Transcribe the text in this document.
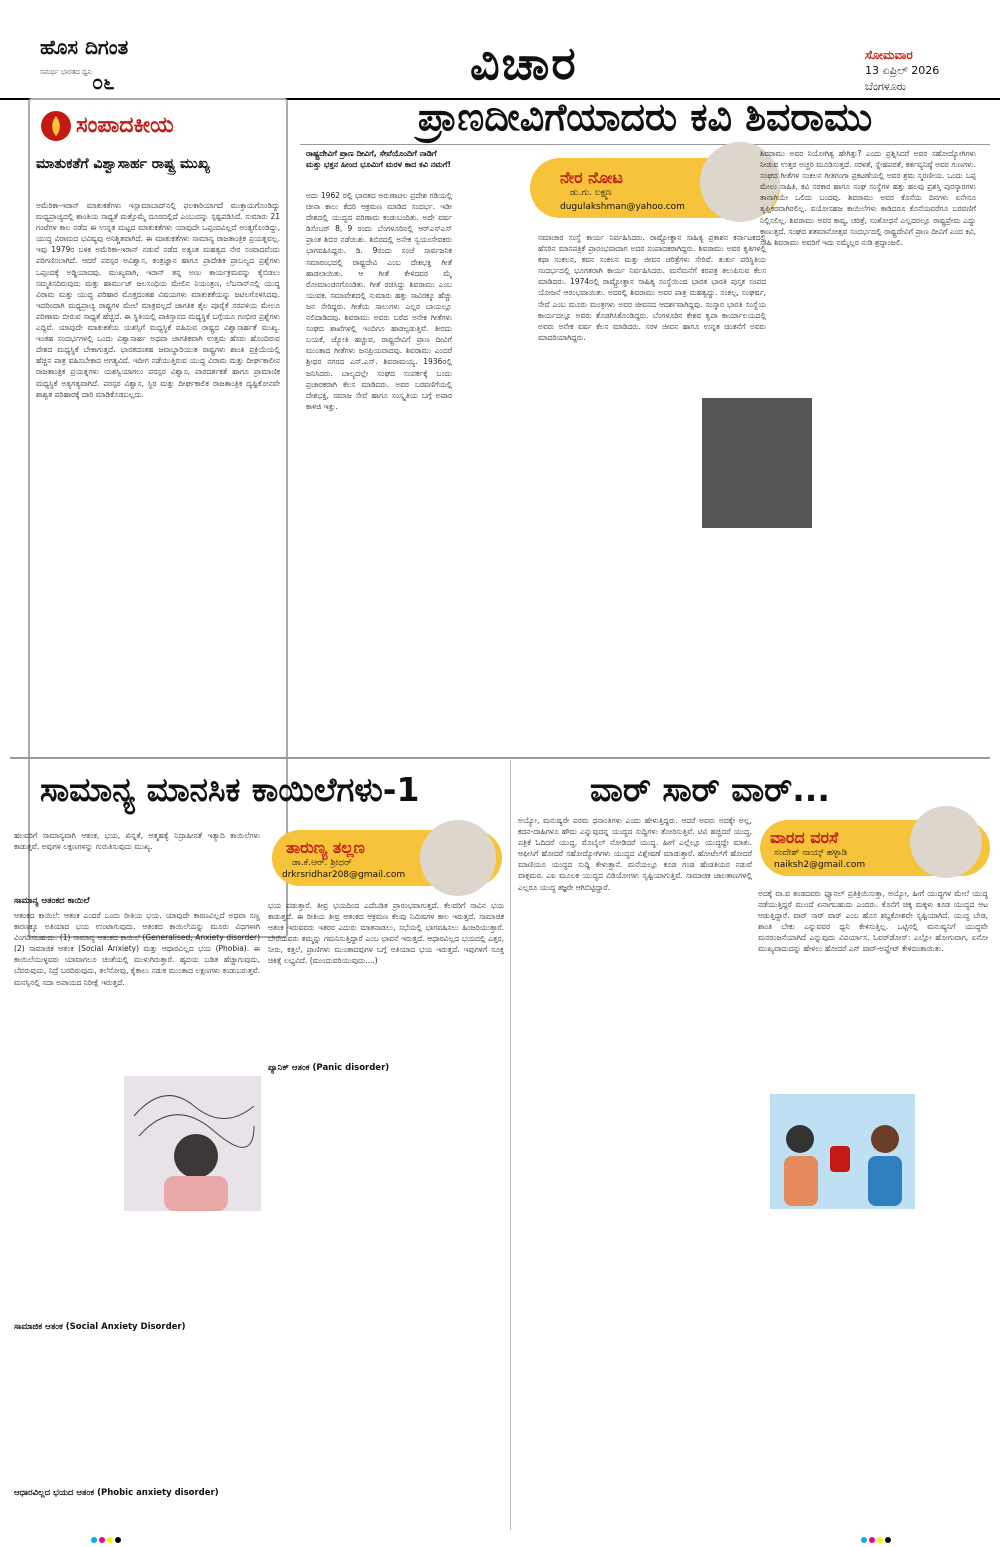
ಹೊಸ ದಿಗಂತ
ಸಮರ್ಥ ಭಾರತದ ಧ್ವನಿ ೦೬	ವಿಚಾರ	ಸೋಮವಾರ
13 ಏಪ್ರಿಲ್ 2026
ಬೆಂಗಳೂರು
ಸಂಪಾದಕೀಯ
ಮಾತುಕತೆಗೆ ವಿಶ್ವಾಸಾರ್ಹ ರಾಷ್ಟ್ರ ಮುಖ್ಯ
ಅಮೆರಿಕಾ-ಇರಾನ್ ಮಾತುಕತೆಗಳು ಇಸ್ಲಾಮಾಬಾದ್‌ನಲ್ಲಿ ಫಲಕಾರಿಯಾಗದೆ ಮುಕ್ತಾಯಗೊಂಡಿದ್ದು ಮಧ್ಯಪ್ರಾಚ್ಯದಲ್ಲಿ ಶಾಂತಿಯ ಸಾಧ್ಯತೆ ಮತ್ತೊಮ್ಮೆ ದೂರದಲ್ಲಿದೆ ಎಂಬುದನ್ನು ಸ್ಪಷ್ಟಪಡಿಸಿದೆ. ಸುಮಾರು 21 ಗಂಟೆಗಳ ಕಾಲ ನಡೆದ ಈ ಉನ್ನತ ಮಟ್ಟದ ಮಾತುಕತೆಗಳು ಯಾವುದೇ ಒಪ್ಪಂದವಿಲ್ಲದೆ ಅಂತ್ಯಗೊಂಡಿದ್ದು, ಯುದ್ಧ ವಿರಾಮದ ಭವಿಷ್ಯವು ಅನಿಶ್ಚಿತವಾಗಿದೆ. ಈ ಮಾತುಕತೆಗಳು ಸಾಮಾನ್ಯ ರಾಜತಾಂತ್ರಿಕ ಪ್ರಯತ್ನವಲ್ಲ. ಇವು 1979ರ ಬಳಿಕ ಅಮೆರಿಕಾ-ಇರಾನ್ ನಡುವೆ ನಡೆದ ಅತ್ಯಂತ ಮಹತ್ವದ ನೇರ ಸಂವಾದವೆಂದು ಪರಿಗಣಿಸಲಾಗಿದೆ. ಆದರೆ ಪರಸ್ಪರ ಅವಿಶ್ವಾಸ, ತಂತ್ರಜ್ಞಾನ ಹಾಗೂ ಪ್ರಾದೇಶಿಕ ಪ್ರಾಬಲ್ಯದ ಪ್ರಶ್ನೆಗಳು ಒಪ್ಪಂದಕ್ಕೆ ಅಡ್ಡಿಯಾದವು. ಮುಖ್ಯವಾಗಿ, ಇರಾನ್ ತನ್ನ ಅಣು ಕಾರ್ಯಕ್ರಮವನ್ನು ಕೈಬಿಡಲು ಸಮ್ಮತಿಸದಿರುವುದು ಮತ್ತು ಹಾರ್ಮುಜ್ ಜಲಸಂಧಿಯ ಮೇಲಿನ ನಿಯಂತ್ರಣ, ಲೆಬನಾನ್‌ನಲ್ಲಿ ಯುದ್ಧ ವಿರಾಮ ಮತ್ತು ಯುದ್ಧ ಪರಿಹಾರ ಮೊತ್ತದಂತಹ ವಿಷಯಗಳು ಮಾತುಕತೆಯನ್ನು ಜಟಿಲಗೊಳಿಸಿದವು. ಇದರಿಂದಾಗಿ ಮಧ್ಯಪ್ರಾಚ್ಯ ರಾಷ್ಟ್ರಗಳ ಮೇಲೆ ಮಾತ್ರವಲ್ಲದೆ ಜಾಗತಿಕ ತೈಲ ಪೂರೈಕೆ ಸರಪಳಿಯ ಮೇಲೂ ಪರಿಣಾಮ ಬೀರುವ ಸಾಧ್ಯತೆ ಹೆಚ್ಚಿದೆ. ಈ ಸ್ಥಿತಿಯಲ್ಲಿ ಪಾಕಿಸ್ತಾನದ ಮಧ್ಯಸ್ಥಿಕೆ ಬಗ್ಗೆಯೂ ಗಂಭೀರ ಪ್ರಶ್ನೆಗಳು ಎದ್ದಿವೆ. ಯಾವುದೇ ಮಾತುಕತೆಯ ಯಶಸ್ಸಿಗೆ ಮಧ್ಯಸ್ಥಿಕೆ ವಹಿಸುವ ರಾಷ್ಟ್ರದ ವಿಶ್ವಾಸಾರ್ಹತೆ ಮುಖ್ಯ. ಇಂತಹ ಸಂದರ್ಭಗಳಲ್ಲಿ ಒಂದು ವಿಶ್ವಾಸಾರ್ಹ ಅಥವಾ ಜಾಗತಿಕವಾಗಿ ಉತ್ತಮ ಹೆಸರು ಹೊಂದಿರುವ ದೇಶದ ಮಧ್ಯಸ್ಥಿಕೆ ಬೇಕಾಗುತ್ತದೆ. ಭಾರತದಂತಹ ಜವಾಬ್ದಾರಿಯುತ ರಾಷ್ಟ್ರಗಳು ಶಾಂತಿ ಪ್ರಕ್ರಿಯೆಯಲ್ಲಿ ಹೆಚ್ಚಿನ ಪಾತ್ರ ವಹಿಸಬೇಕಾದ ಅಗತ್ಯವಿದೆ. ಇದೀಗ ನಡೆಯುತ್ತಿರುವ ಯುದ್ಧ ವಿರಾಮ ಮತ್ತು ದೀರ್ಘಕಾಲೀನ ರಾಜತಾಂತ್ರಿಕ ಪ್ರಯತ್ನಗಳು ಯಶಸ್ವಿಯಾಗಲು ಪರಸ್ಪರ ವಿಶ್ವಾಸ, ಪಾರದರ್ಶಕತೆ ಹಾಗೂ ಪ್ರಾಮಾಣಿಕ ಮಧ್ಯಸ್ಥಿಕೆ ಅತ್ಯಗತ್ಯವಾಗಿದೆ. ಪರಸ್ಪರ ವಿಶ್ವಾಸ, ಸ್ಥಿರ ಮತ್ತು ದೀರ್ಘಕಾಲಿಕ ರಾಜತಾಂತ್ರಿಕ ದೃಷ್ಟಿಕೋನವೇ ಶಾಶ್ವತ ಪರಿಹಾರಕ್ಕೆ ದಾರಿ ಮಾಡಿಕೊಡಬಲ್ಲದು.
ಪ್ರಾಣದೀವಿಗೆಯಾದರು ಕವಿ ಶಿವರಾಮು
ರಾಷ್ಟ್ರದೇವಿಗೆ ಪ್ರಾಣ ದೀವಿಗೆ, ಸೇವೆಯೊಂದಿಗೆ ನಾಡಿಗೆ ಮತ್ತು ಭಕ್ತನ ಹೀಂದ ಭೂಮಿಗೆ ಮರಳ ಕಾದ ಕವಿ ನಮಗೆ!
ಅದು 1962 ರಲ್ಲಿ ಭಾರತದ ಅರುಣಾಚಲ ಪ್ರದೇಶ ಗಡಿಯಲ್ಲಿ ಚೀನಾ ಕಾಲು ಕೆದರಿ ಆಕ್ರಮಣ ಮಾಡಿದ ಸಂದರ್ಭ. ಇಡೀ ದೇಶದಲ್ಲಿ ಯುದ್ಧದ ಪರಿಣಾಮ ಕಂಡುಬಂದಿತು. ಅದೇ ವರ್ಷ ಡಿಸೆಂಬರ್ 8, 9 ರಂದು ಬೆಂಗಳೂರಿನಲ್ಲಿ ಆರ್‌ಎಸ್‌ಎಸ್ ಪ್ರಾಂತ ಶಿಬಿರ ನಡೆಯಿತು. ಶಿಬಿರದಲ್ಲಿ ಅನೇಕ ಸ್ವಯಂಸೇವಕರು ಭಾಗವಹಿಸಿದ್ದರು. ಡಿ. 9ರಂದು ಸಂಜೆ ಸಾರ್ವಜನಿಕ ಸಮಾರಂಭದಲ್ಲಿ ರಾಷ್ಟ್ರದೇವಿ ಎಂಬ ದೇಶಭಕ್ತಿ ಗೀತೆ ಹಾಡಲಾಯಿತು. ಆ ಗೀತೆ ಕೇಳಿದವರ ಮೈ ರೋಮಾಂಚನಗೊಂಡಿತು. ಗೀತೆ ರಚಿಸಿದ್ದು ಶಿವರಾಮು ಎಂಬ ಯುವಕ. ಸಮಾವೇಶದಲ್ಲಿ ಸುಮಾರು ಹತ್ತು ಸಾವಿರಕ್ಕೂ ಹೆಚ್ಚು ಜನ ಸೇರಿದ್ದರು. ಗೀತೆಯ ಸಾಲುಗಳು ಎಲ್ಲರ ಬಾಯಲ್ಲೂ ನಲಿದಾಡಿದವು. ಶಿವರಾಮು ಅವರು ಬರೆದ ಅನೇಕ ಗೀತೆಗಳು ಸಂಘದ ಶಾಖೆಗಳಲ್ಲಿ ಇಂದಿಗೂ ಹಾಡಲ್ಪಡುತ್ತಿವೆ. ತೀರದು ಬಯಕೆ, ಜ್ಯೋತಿ ಹಚ್ಚುವ, ರಾಷ್ಟ್ರದೇವಿಗೆ ಪ್ರಾಣ ದೀವಿಗೆ ಮುಂತಾದ ಗೀತೆಗಳು ಜನಪ್ರಿಯವಾದವು. ಶಿವರಾಮು ಎಂದರೆ ಶ್ರೀಧರ ನಗರದ ಎನ್.ಎಸ್. ಶಿವರಾಮಯ್ಯ. 1936ರಲ್ಲಿ ಜನಿಸಿದರು. ಬಾಲ್ಯದಲ್ಲೇ ಸಂಘದ ಸಂಪರ್ಕಕ್ಕೆ ಬಂದು ಪ್ರಚಾರಕರಾಗಿ ಕೆಲಸ ಮಾಡಿದರು. ಅವರ ಬರವಣಿಗೆಯಲ್ಲಿ ದೇಶಭಕ್ತಿ, ಸಮಾಜ ಸೇವೆ ಹಾಗೂ ಸಂಸ್ಕೃತಿಯ ಬಗ್ಗೆ ಅಪಾರ ಕಾಳಜಿ ಇತ್ತು.
ನೇರ ನೋಟ
ಡು.ಗು. ಲಕ್ಷ್ಮಣ
dugulakshman@yahoo.com
ಸಮಾಚಾರ ಸಂಸ್ಥೆ ಕಾರ್ಯ ನಿರ್ವಹಿಸಿದರು. ರಾಷ್ಟ್ರೋತ್ಥಾನ ಸಾಹಿತ್ಯ ಪ್ರಕಾಶನ ಕರ್ನಾಟಕದಲ್ಲಿ ಹೆಸರಿನ ಮಾಸಪತ್ರಿಕೆ ಪ್ರಾರಂಭವಾದಾಗ ಅದರ ಸಂಪಾದಕರಾಗಿದ್ದರು. ಶಿವರಾಮು ಅವರ ಕೃತಿಗಳಲ್ಲಿ ಕಥಾ ಸಂಕಲನ, ಕವನ ಸಂಕಲನ ಮತ್ತು ಜೀವನ ಚರಿತ್ರೆಗಳು ಸೇರಿವೆ. ತುರ್ತು ಪರಿಸ್ಥಿತಿಯ ಸಂದರ್ಭದಲ್ಲಿ ಭೂಗತರಾಗಿ ಕಾರ್ಯ ನಿರ್ವಹಿಸಿದರು. ಮನೆಮನೆಗೆ ಕರಪತ್ರ ತಲುಪಿಸುವ ಕೆಲಸ ಮಾಡಿದರು. 1974ರಲ್ಲಿ ರಾಷ್ಟ್ರೋತ್ಥಾನ ಸಾಹಿತ್ಯ ಸಂಸ್ಥೆಯಿಂದ ಭಾರತ ಭಾರತಿ ಪುಸ್ತಕ ಸಂಪದ ಯೋಜನೆ ಆರಂಭವಾಯಿತು. ಅದರಲ್ಲಿ ಶಿವರಾಮು ಅವರ ಪಾತ್ರ ಮಹತ್ವದ್ದು. ಸಂಕಲ್ಪ, ಸಂಘರ್ಷ, ಸೇವೆ ಎಂಬ ಮೂರು ಮಂತ್ರಗಳು ಅವರ ಜೀವನದ ಆದರ್ಶವಾಗಿದ್ದವು. ಸಂಸ್ಕಾರ ಭಾರತಿ ಸಂಸ್ಥೆಯ ಕಾರ್ಯದಲ್ಲೂ ಅವರು ತೊಡಗಿಸಿಕೊಂಡಿದ್ದರು. ಬೆಂಗಳೂರಿನ ಕೇಶವ ಕೃಪಾ ಕಾರ್ಯಾಲಯದಲ್ಲಿ ಅವರು ಅನೇಕ ವರ್ಷ ಕೆಲಸ ಮಾಡಿದರು. ಸರಳ ಜೀವನ ಹಾಗೂ ಉನ್ನತ ಚಿಂತನೆಗೆ ಅವರು ಮಾದರಿಯಾಗಿದ್ದರು.
ಶಿವರಾಮು ಅವರ ನಿಯೋಗಿತ್ವ ಹೇಗಿತ್ತು? ಎಂದು ಪ್ರಶ್ನಿಸಿದರೆ ಅವರ ಸಹೋದ್ಯೋಗಿಗಳು ನೀಡುವ ಉತ್ತರ ಅಚ್ಚರಿ ಮೂಡಿಸುತ್ತದೆ. ಸರಳತೆ, ಸ್ನೇಹಪರತೆ, ಕರ್ತವ್ಯನಿಷ್ಠೆ ಅವರ ಗುಣಗಳು. ಸಂಘದ ಗೀತೆಗಳ ಸಂಕಲನ ಗೀತಗಂಗಾ ಪ್ರಕಟಣೆಯಲ್ಲಿ ಅವರ ಶ್ರಮ ಸ್ಮರಣೀಯ. ಒಂದು ಒಪ್ಪ ಮೇಲು ಸಾಹಿತಿ, ಕವಿ ಸರಕಾರ ಹಾಗೂ ಸಂಘ ಸಂಸ್ಥೆಗಳ ಹತ್ತು ಹಲವು ಪ್ರಶಸ್ತಿ ಪುರಸ್ಕಾರಗಳು ತಾನಾಗಿಯೇ ಒಲಿದು ಬಂದವು. ಶಿವರಾಮು ಅವರ ಕೊನೆಯ ದಿನಗಳು ಏನೇನೂ ತೃಪ್ತಿಕರವಾಗಿರಲಿಲ್ಲ. ವಯೋಸಹಜ ಕಾಯಿಲೆಗಳು ಕಾಡಿದರೂ ಕೊನೆಯವರೆಗೂ ಬರವಣಿಗೆ ನಿಲ್ಲಿಸಲಿಲ್ಲ. ಶಿವರಾಮು ಅವರ ಕಾವ್ಯ, ಚರಿತ್ರೆ, ಸಂಶೋಧನೆ ಎಲ್ಲದರಲ್ಲೂ ರಾಷ್ಟ್ರಪ್ರೇಮ ಎದ್ದು ಕಾಣುತ್ತದೆ. ಸಂಘದ ಶತಮಾನೋತ್ಸವ ಸಂದರ್ಭದಲ್ಲಿ ರಾಷ್ಟ್ರದೇವಿಗೆ ಪ್ರಾಣ ದೀವಿಗೆ ಎಂದ ಕವಿ, ಸಾಹಿ ಶಿವರಾಮು ಅವರಿಗೆ ಇದು ನಮ್ಮೆಲ್ಲರ ನುಡಿ ಶ್ರದ್ಧಾಂಜಲಿ.
ಸಾಮಾನ್ಯ ಮಾನಸಿಕ ಕಾಯಿಲೆಗಳು-1
ಹಲವರಿಗೆ ಸಾಮಾನ್ಯವಾಗಿ ಆತಂಕ, ಭಯ, ಖಿನ್ನತೆ, ಆತ್ಮಹತ್ಯೆ ನಿದ್ರಾಹೀನತೆ ಇತ್ಯಾದಿ ಕಾಯಿಲೆಗಳು ಕಾಡುತ್ತವೆ. ಅವುಗಳ ಲಕ್ಷಣಗಳನ್ನು ಗುರುತಿಸುವುದು ಮುಖ್ಯ.	ತಾರುಣ್ಯ ತಲ್ಲಣ
ಡಾ.ಕೆ.ಆರ್. ಶ್ರೀಧರ್
drkrsridhar208@gmail.com
ಸಾಮಾನ್ಯ ಆತಂಕದ ಕಾಯಿಲೆ
ಆತಂಕದ ಕಾಯಿಲೆ: ಆತಂಕ ಎಂದರೆ ಒಂದು ರೀತಿಯ ಭಯ. ಯಾವುದೇ ಕಾರಣವಿಲ್ಲದೆ ಅಥವಾ ಸಣ್ಣ ಕಾರಣಕ್ಕೂ ಅತಿಯಾದ ಭಯ ಉಂಟಾಗುವುದು. ಆತಂಕದ ಕಾಯಿಲೆಯನ್ನು ಮೂರು ವಿಧಗಳಾಗಿ ವಿಂಗಡಿಸಬಹುದು. (1) ಸಾಮಾನ್ಯ ಆತಂಕದ ಕಾಯಿಲೆ (Generalised, Anxiety disorder) (2) ಸಾಮಾಜಿಕ ಆತಂಕ (Social Anxiety) ಮತ್ತು ಆಧಾರವಿಲ್ಲದ ಭಯ (Phobia). ಈ ಕಾಯಿಲೆಯುಳ್ಳವರು ಯಾವಾಗಲೂ ಚಿಂತೆಯಲ್ಲಿ ಮುಳುಗಿರುತ್ತಾರೆ. ಹೃದಯ ಬಡಿತ ಹೆಚ್ಚಾಗುವುದು, ಬೆವರುವುದು, ನಿದ್ರೆ ಬರದಿರುವುದು, ತಲೆನೋವು, ಕೈಕಾಲು ನಡುಕ ಮುಂತಾದ ಲಕ್ಷಣಗಳು ಕಂಡುಬರುತ್ತವೆ. ಮನಸ್ಸಿನಲ್ಲಿ ಸದಾ ಅಪಾಯದ ನಿರೀಕ್ಷೆ ಇರುತ್ತದೆ.
ಸಾಮಾಜಿಕ ಆತಂಕ (Social Anxiety Disorder)
ಆಧಾರವಿಲ್ಲದ ಭಯದ ಆತಂಕ (Phobic anxiety disorder)
ಪ್ಯಾನಿಕ್ ಆತಂಕ (Panic disorder)
ಭಯ ಪಡುತ್ತಾರೆ. ತೀವ್ರ ಭಯದಿಂದ ಎದೆಬಡಿತ ಪ್ರಾರಂಭವಾಗುತ್ತದೆ. ಕೆಲವರಿಗೆ ಸಾವಿನ ಭಯ ಕಾಡುತ್ತದೆ. ಈ ರೀತಿಯ ತೀವ್ರ ಆತಂಕದ ಆಕ್ರಮಣ ಕೆಲವು ನಿಮಿಷಗಳ ಕಾಲ ಇರುತ್ತದೆ. ಸಾಮಾಜಿಕ ಆತಂಕ ಇರುವವರು ಇತರರ ಎದುರು ಮಾತನಾಡಲು, ಸಭೆಯಲ್ಲಿ ಭಾಗವಹಿಸಲು ಹಿಂಜರಿಯುತ್ತಾರೆ. ಬೇರೆಯವರು ತಮ್ಮನ್ನು ಗಮನಿಸುತ್ತಿದ್ದಾರೆ ಎಂಬ ಭಾವನೆ ಇರುತ್ತದೆ. ಆಧಾರವಿಲ್ಲದ ಭಯದಲ್ಲಿ ಎತ್ತರ, ನೀರು, ಕತ್ತಲೆ, ಪ್ರಾಣಿಗಳು ಮುಂತಾದವುಗಳ ಬಗ್ಗೆ ಅತಿಯಾದ ಭಯ ಇರುತ್ತದೆ. ಇವುಗಳಿಗೆ ಸೂಕ್ತ ಚಿಕಿತ್ಸೆ ಲಭ್ಯವಿದೆ. (ಮುಂದುವರಿಯುವುದು....)
ವಾರ್ ಸಾರ್ ವಾರ್...
ಅಯ್ಯೋ, ಮನುಷ್ಯರೇ ಪರಮ ಧನಾಂತಿಗಳು ಎಂದು ಹೇಳುತ್ತಿದ್ದರು. ಆದರೆ ಅವರು ಅದಕ್ಕೇ ಅಲ್ಲ, ಕದನ-ದಾಹಿಗಳೂ ಹೌದು ಎನ್ನುವುದನ್ನ ಯುದ್ಧದ ಸುದ್ದಿಗಳು ತೋರಿಸುತ್ತಿವೆ. ಟಿವಿ ಹಚ್ಚಿದರೆ ಯುದ್ಧ, ಪತ್ರಿಕೆ ಓದಿದರೆ ಯುದ್ಧ, ಮೊಬೈಲ್ ನೋಡಿದರೆ ಯುದ್ಧ. ಹೀಗೆ ಎಲ್ಲೆಲ್ಲೂ ಯುದ್ಧದ್ದೇ ಮಾತು. ಆಫೀಸಿಗೆ ಹೋದರೆ ಸಹೋದ್ಯೋಗಿಗಳು ಯುದ್ಧದ ವಿಶ್ಲೇಷಣೆ ಮಾಡುತ್ತಾರೆ. ಹೋಟೆಲ್‌ಗೆ ಹೋದರೆ ಮಾಣಿಯೂ ಯುದ್ಧದ ಸುದ್ದಿ ಕೇಳುತ್ತಾನೆ. ಮನೆಯಲ್ಲೂ ಕೂಡ ಗಂಡ ಹೆಂಡತಿಯರ ನಡುವೆ ವಾಕ್ಸಮರ. ಎಐ ಮೂಲಕ ಯುದ್ಧದ ವಿಡಿಯೋಗಳು ಸೃಷ್ಟಿಯಾಗುತ್ತಿವೆ. ಸಾಮಾಜಿಕ ಜಾಲತಾಣಗಳಲ್ಲಿ ಎಲ್ಲರೂ ಯುದ್ಧ ತಜ್ಞರೇ ಆಗಿಬಿಟ್ಟಿದ್ದಾರೆ.
ವಾರದ ವರಸೆ
ಸಂದೇಶ್ ನಾಯ್ಕ್ ಹಳ್ಳಾಡಿ
naiksh2@gmail.com
ಅದಕ್ಕೆ ವಾ.ವ ತಂಡದವರು ಫ್ಯೂನಲ್ ಪ್ರತಿಕ್ರಿಯಿಸುತ್ತಾ, ಅಯ್ಯೋ, ಹೀಗೆ ಯುದ್ಧಗಳ ಮೇಲೆ ಯುದ್ಧ ನಡೆಯುತ್ತಿದ್ದರೆ ಮುಂದೆ ಏನಾಗಬಹುದು ಎಂದರು. ಕೊನೆಗೆ ಚಿಕ್ಕ ಮಕ್ಕಳು ಕೂಡ ಯುದ್ಧದ ಆಟ ಆಡುತ್ತಿದ್ದಾರೆ. ವಾರ್ ಸಾರ್ ವಾರ್ ಎಂಬ ಹೊಸ ಶಬ್ದಕೋಶವೇ ಸೃಷ್ಟಿಯಾಗಿದೆ. ಯುದ್ಧ ಬೇಡ, ಶಾಂತಿ ಬೇಕು ಎನ್ನುವವರ ಧ್ವನಿ ಕೇಳಿಸುತ್ತಿಲ್ಲ. ಒಟ್ಟಿನಲ್ಲಿ ಮನುಷ್ಯನಿಗೆ ಯುದ್ಧವೇ ಮನರಂಜನೆಯಾಗಿದೆ ಎನ್ನುವುದು ವಿಪರ್ಯಾಸ. ಓವರ್‌ಡೋಸ್: ಎಲ್ಲೋ ಹೋಗುವಾಗ, ಏನೋ ಮುಖ್ಯವಾದುದನ್ನು ಹೇಳಲು ಹೋದರೆ ಎನ್ ವಾರ್-ಅಪ್ಡೇಟ್ ಕೇಳಿದಂತಾಯಿತು.
